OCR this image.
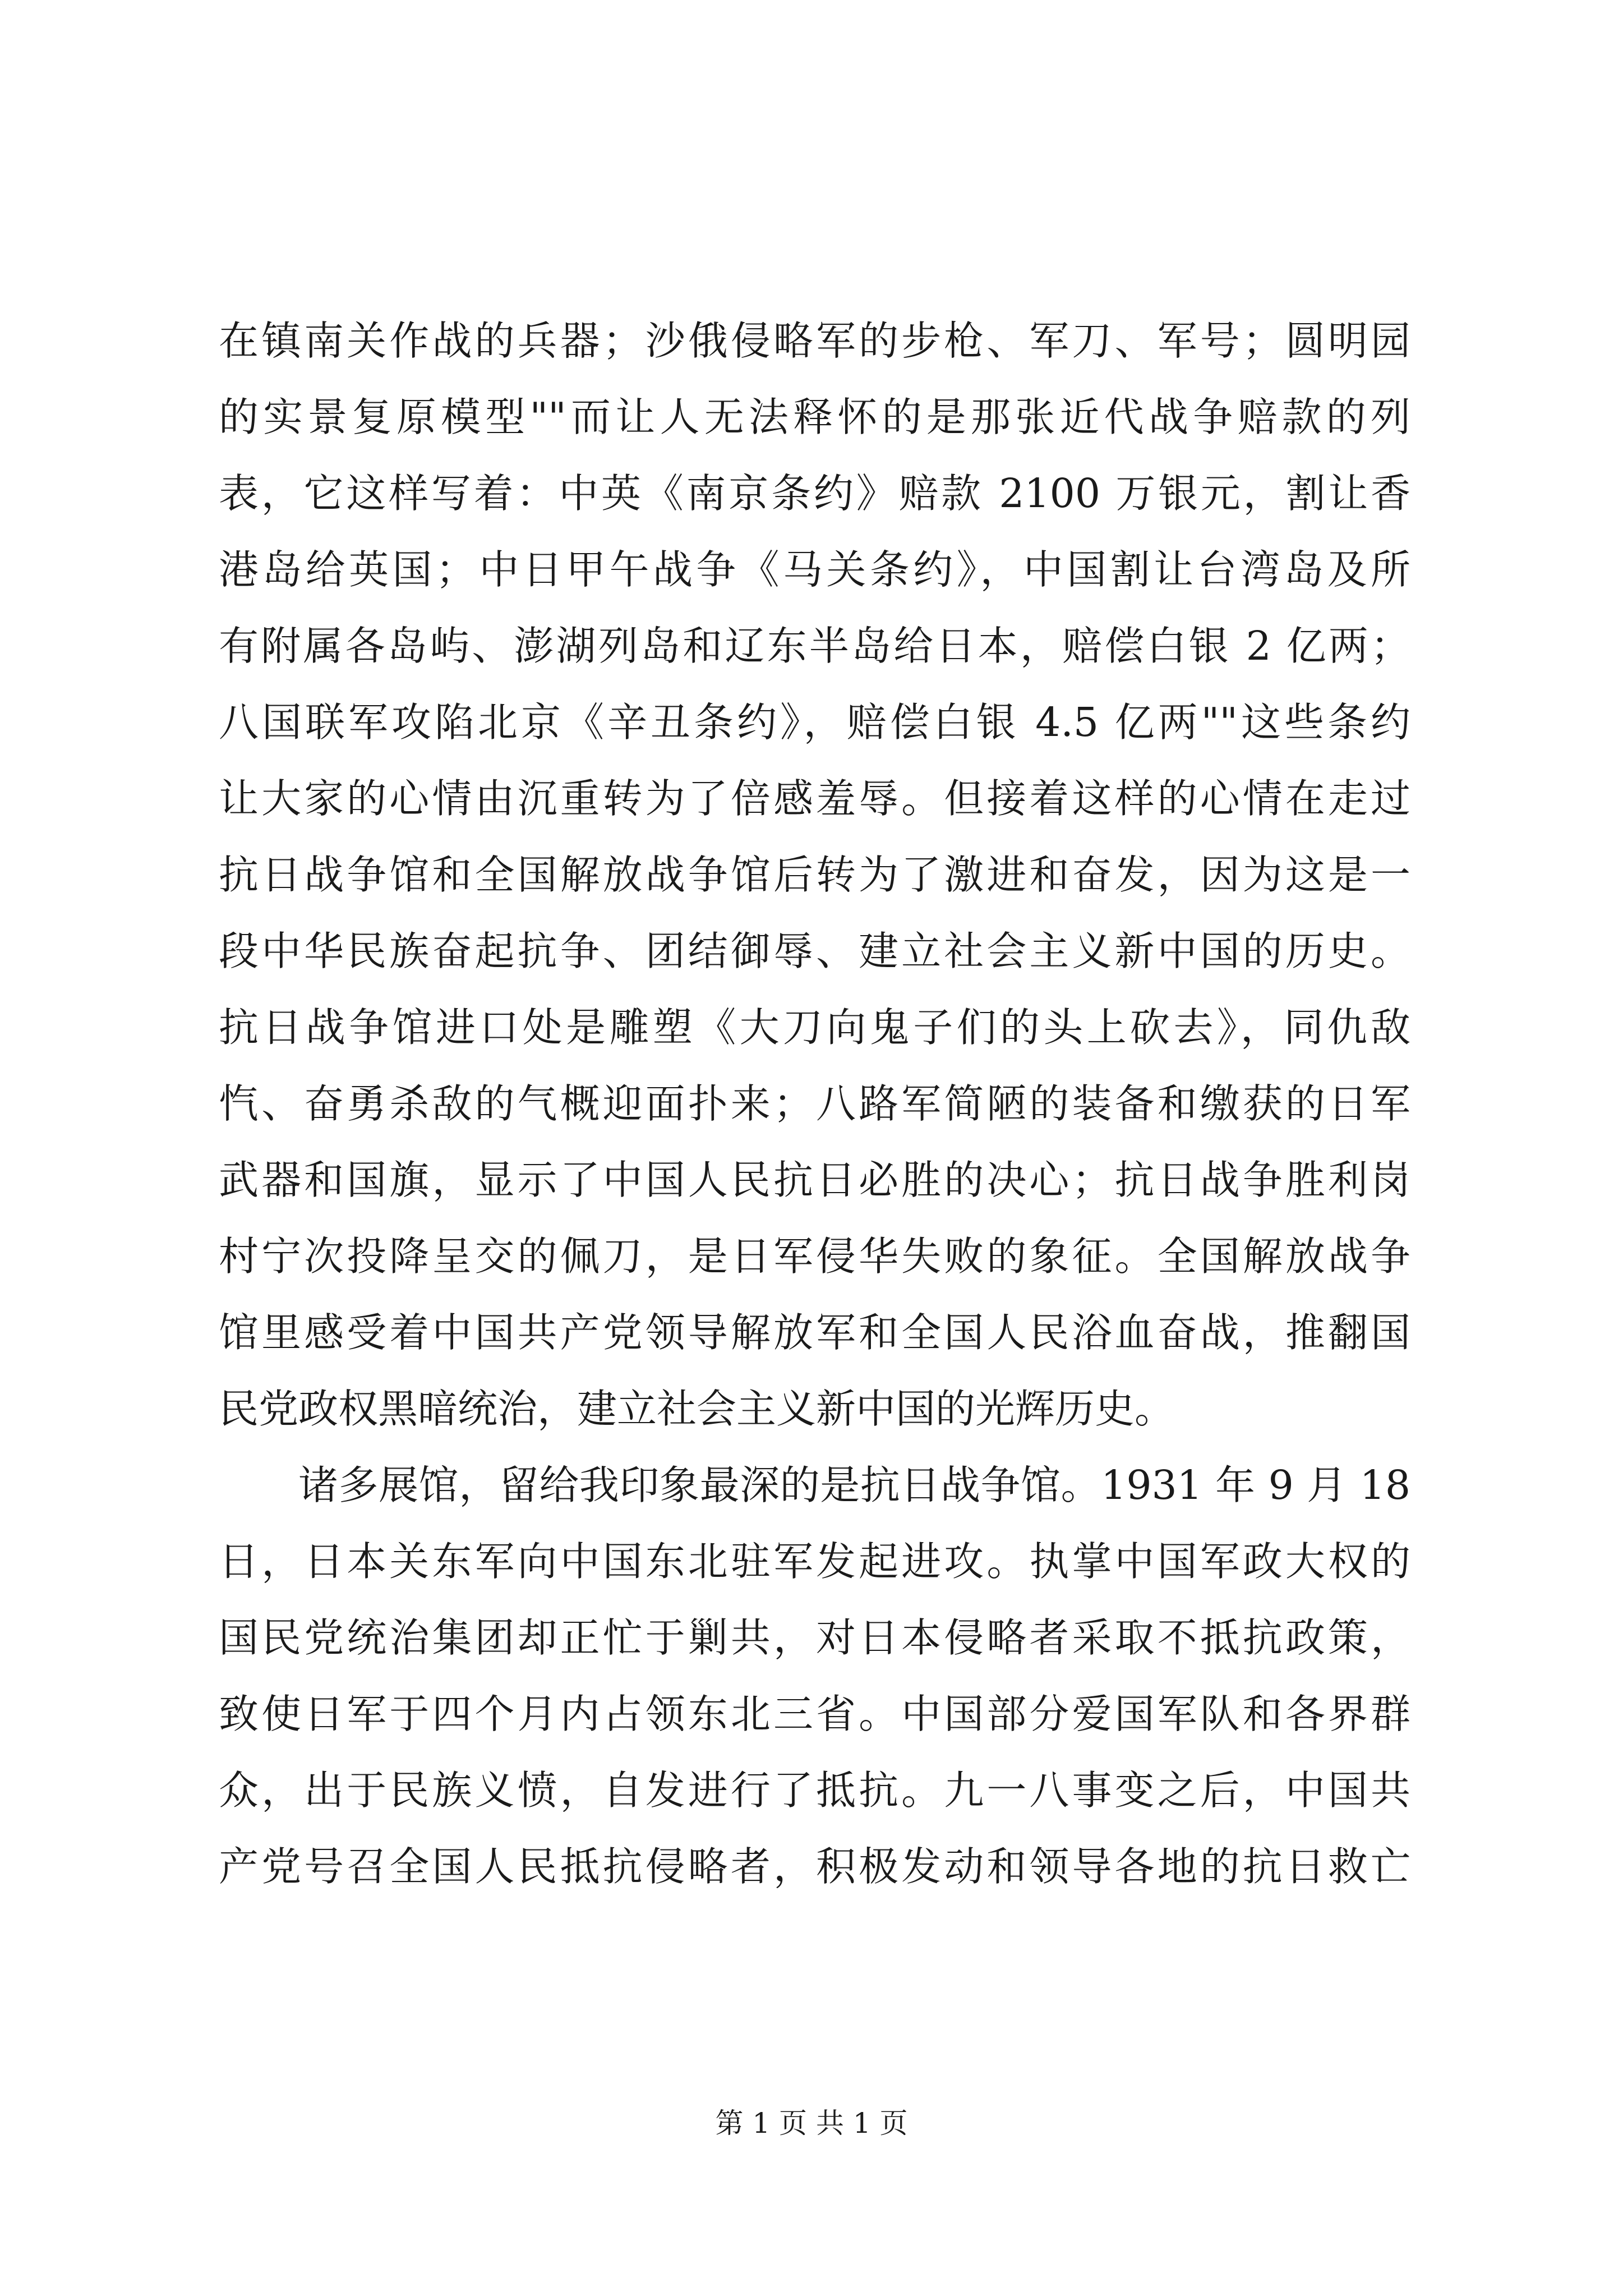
在镇南关作战的兵器；沙俄侵略军的步枪、军刀、军号；圆明园
的实景复原模型""而让人无法释怀的是那张近代战争赔款的列
表，它这样写着：中英《南京条约》赔款 2100 万银元，割让香
港岛给英国；中日甲午战争《马关条约》，中国割让台湾岛及所
有附属各岛屿、澎湖列岛和辽东半岛给日本，赔偿白银 2 亿两；
八国联军攻陷北京《辛丑条约》，赔偿白银 4.5 亿两""这些条约
让大家的心情由沉重转为了倍感羞辱。但接着这样的心情在走过
抗日战争馆和全国解放战争馆后转为了激进和奋发，因为这是一
段中华民族奋起抗争、团结御辱、建立社会主义新中国的历史。
抗日战争馆进口处是雕塑《大刀向鬼子们的头上砍去》，同仇敌
忾、奋勇杀敌的气概迎面扑来；八路军简陋的装备和缴获的日军
武器和国旗，显示了中国人民抗日必胜的决心；抗日战争胜利岗
村宁次投降呈交的佩刀，是日军侵华失败的象征。全国解放战争
馆里感受着中国共产党领导解放军和全国人民浴血奋战，推翻国
民党政权黑暗统治，建立社会主义新中国的光辉历史。
诸多展馆，留给我印象最深的是抗日战争馆。1931 年 9 月 18
日，日本关东军向中国东北驻军发起进攻。执掌中国军政大权的
国民党统治集团却正忙于剿共，对日本侵略者采取不抵抗政策，
致使日军于四个月内占领东北三省。中国部分爱国军队和各界群
众，出于民族义愤，自发进行了抵抗。九一八事变之后，中国共
产党号召全国人民抵抗侵略者，积极发动和领导各地的抗日救亡
第 1 页 共 1 页
